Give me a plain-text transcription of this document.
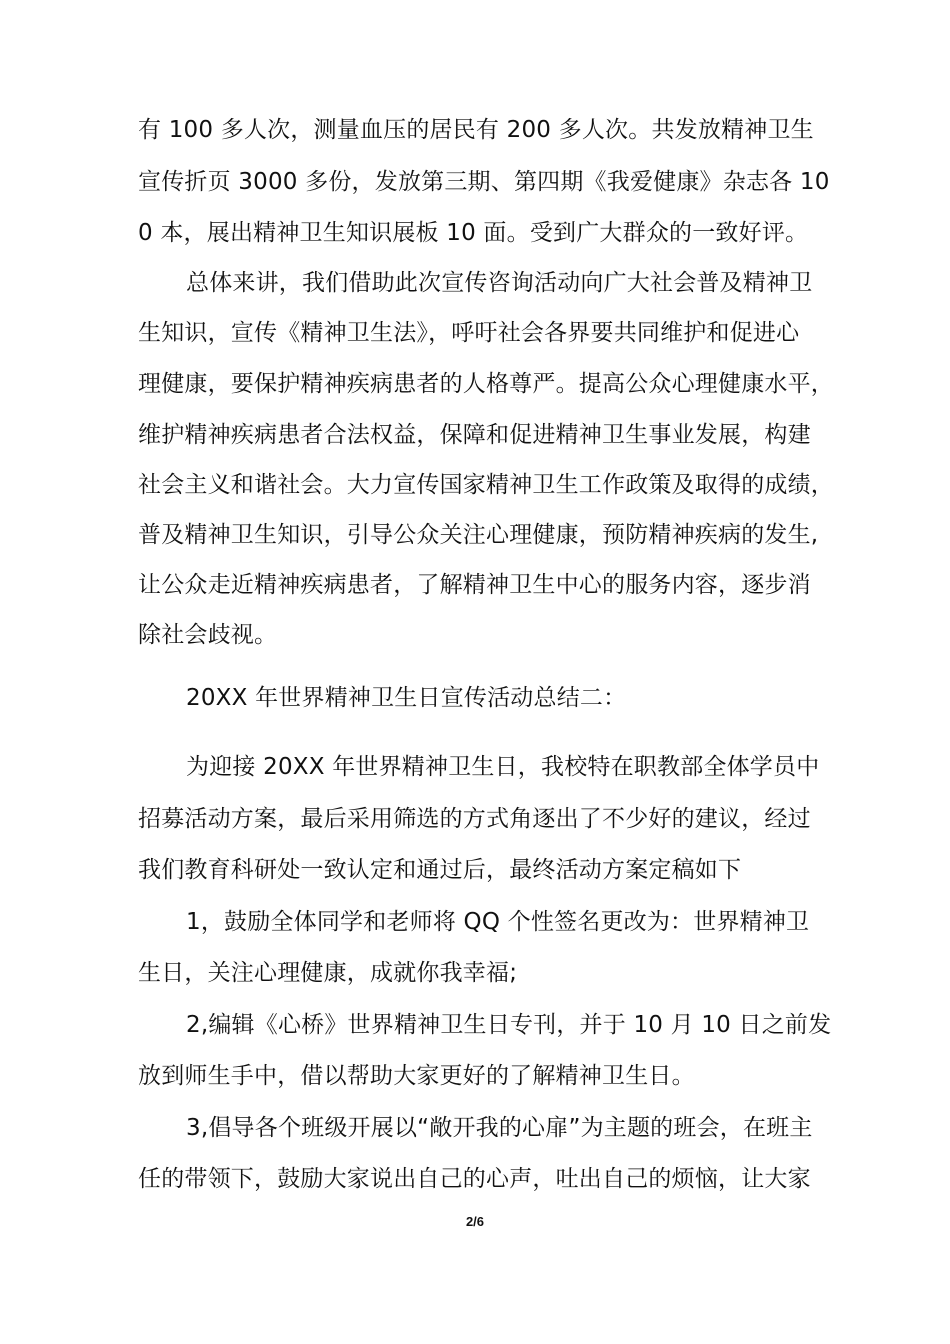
有 100 多人次，测量血压的居民有 200 多人次。共发放精神卫生
宣传折页 3000 多份，发放第三期、第四期《我爱健康》杂志各 10
0 本，展出精神卫生知识展板 10 面。受到广大群众的一致好评。
总体来讲，我们借助此次宣传咨询活动向广大社会普及精神卫
生知识，宣传《精神卫生法》，呼吁社会各界要共同维护和促进心
理健康，要保护精神疾病患者的人格尊严。提高公众心理健康水平，
维护精神疾病患者合法权益，保障和促进精神卫生事业发展，构建
社会主义和谐社会。大力宣传国家精神卫生工作政策及取得的成绩，
普及精神卫生知识，引导公众关注心理健康，预防精神疾病的发生,
让公众走近精神疾病患者，了解精神卫生中心的服务内容，逐步消
除社会歧视。
20XX 年世界精神卫生日宣传活动总结二：
为迎接 20XX 年世界精神卫生日，我校特在职教部全体学员中
招募活动方案，最后采用筛选的方式角逐出了不少好的建议，经过
我们教育科研处一致认定和通过后，最终活动方案定稿如下
1，鼓励全体同学和老师将 QQ 个性签名更改为：世界精神卫
生日，关注心理健康，成就你我幸福;
2,编辑《心桥》世界精神卫生日专刊，并于 10 月 10 日之前发
放到师生手中，借以帮助大家更好的了解精神卫生日。
3,倡导各个班级开展以“敞开我的心扉”为主题的班会，在班主
任的带领下，鼓励大家说出自己的心声，吐出自己的烦恼，让大家
2/6
